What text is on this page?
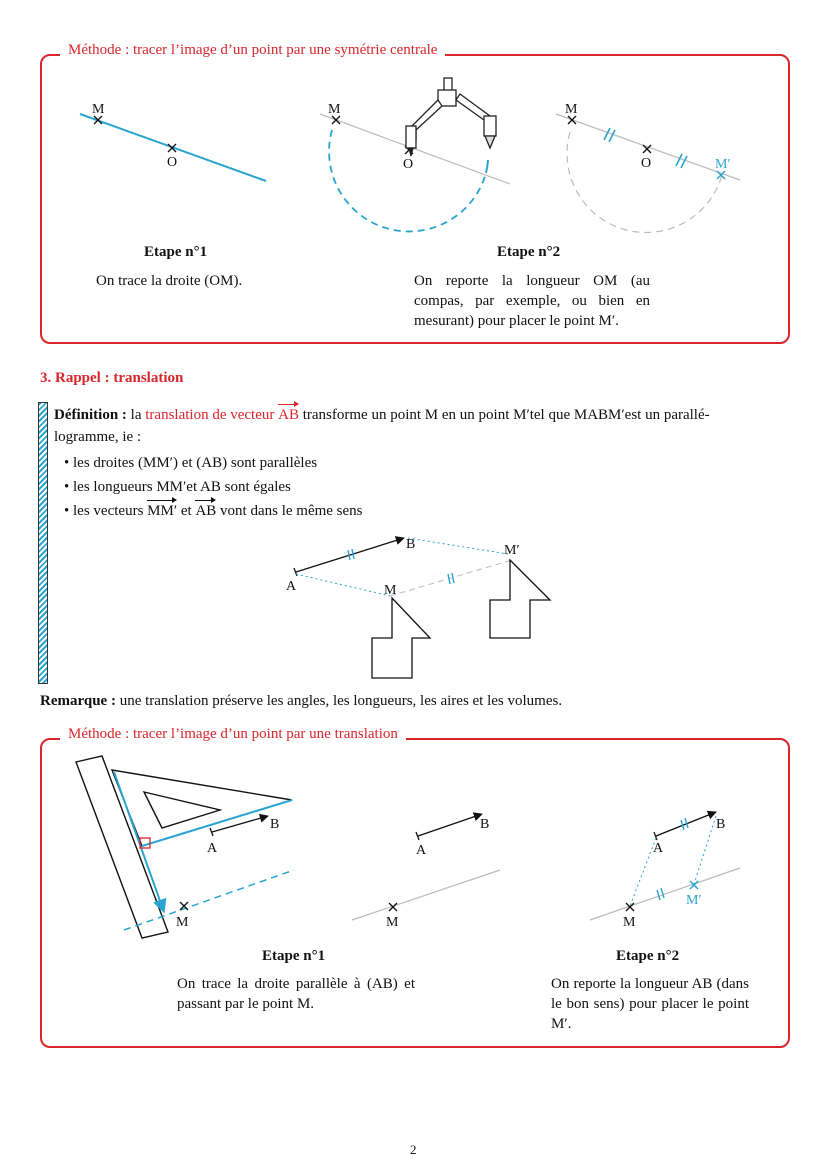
Méthode : tracer l’image d’un point par une symétrie centrale
M
O
M
O
M
O	M′
Etape n°1
On trace la droite (OM).
Etape n°2
On reporte la longueur OM (au compas, par exemple, ou bien en mesurant) pour placer le point M′.
3. Rappel : translation
Définition : la translation de vecteur AB transforme un point M en un point M′tel que MABM′est un parallé-
logramme, ie :
• les droites (MM′) et (AB) sont parallèles
• les longueurs MM′et AB sont égales
• les vecteurs MM′ et AB vont dans le même sens
A
B
M
M′
Remarque : une translation préserve les angles, les longueurs, les aires et les volumes.
Méthode : tracer l’image d’un point par une translation
A
B
M
A
B
M
A
B
M
M′
Etape n°1
On trace la droite parallèle à (AB) et passant par le point M.
Etape n°2
On reporte la longueur AB (dans le bon sens) pour placer le point M′.
2
